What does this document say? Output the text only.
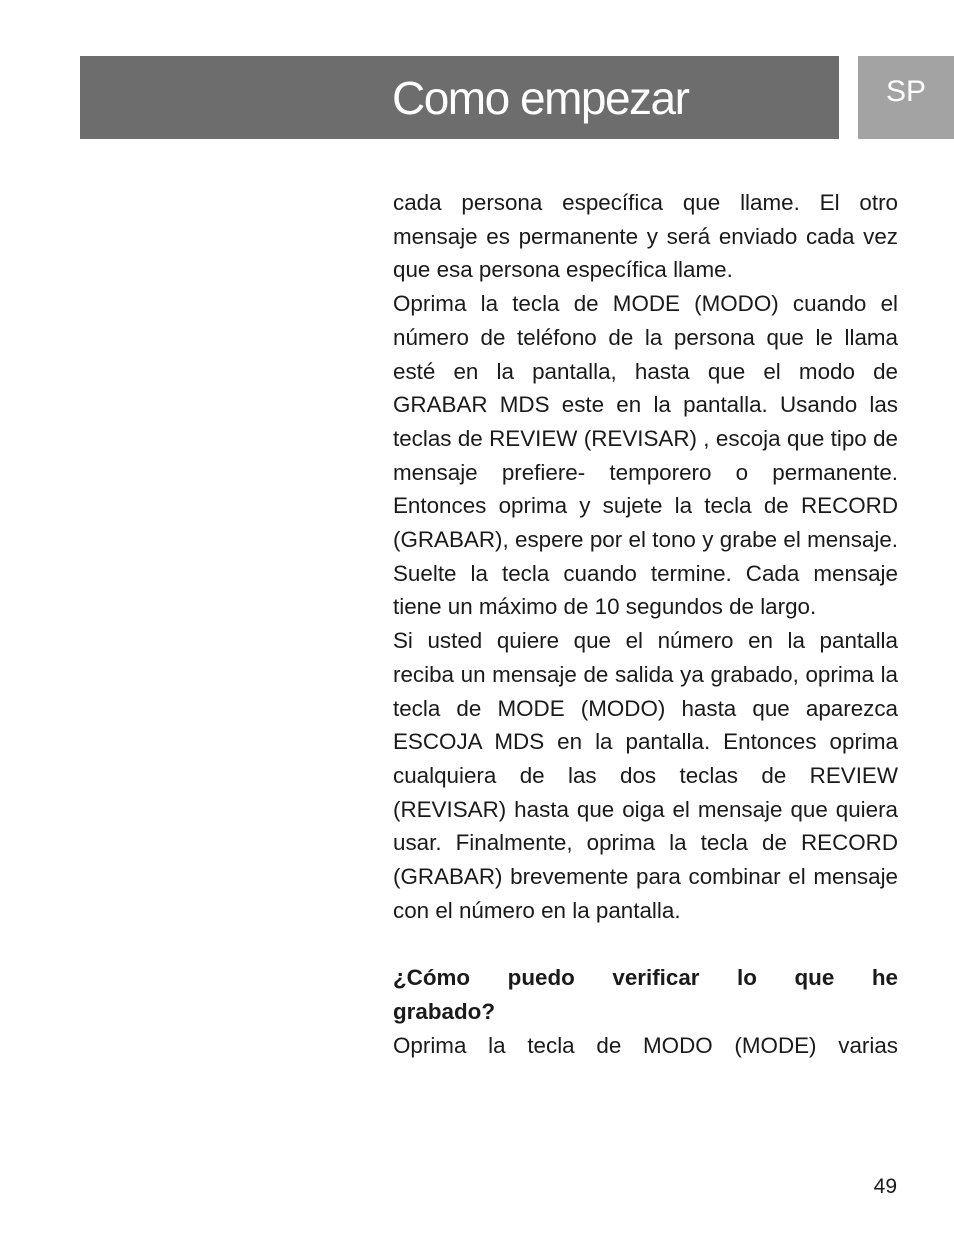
Como empezar	SP

cada persona específica que llame. El otro mensaje es permanente y será enviado cada vez que esa persona específica llame.

Oprima la tecla de MODE (MODO) cuando el número de teléfono de la persona que le llama esté en la pantalla, hasta que el modo de GRABAR MDS este en la pantalla. Usando las teclas de REVIEW (REVISAR) , escoja que tipo de mensaje prefiere- temporero o permanente. Entonces oprima y sujete la tecla de RECORD (GRABAR), espere por el tono y grabe el mensaje. Suelte la tecla cuando termine. Cada mensaje tiene un máximo de 10 segundos de largo.

Si usted quiere que el número en la pantalla reciba un mensaje de salida ya grabado, oprima la tecla de MODE (MODO) hasta que aparezca ESCOJA MDS en la pantalla. Entonces oprima cualquiera de las dos teclas de REVIEW (REVISAR) hasta que oiga el mensaje que quiera usar. Finalmente, oprima la tecla de RECORD (GRABAR) brevemente para combinar el mensaje con el número en la pantalla.

¿Cómo puedo verificar lo que he

grabado?

Oprima la tecla de MODO (MODE) varias

49
